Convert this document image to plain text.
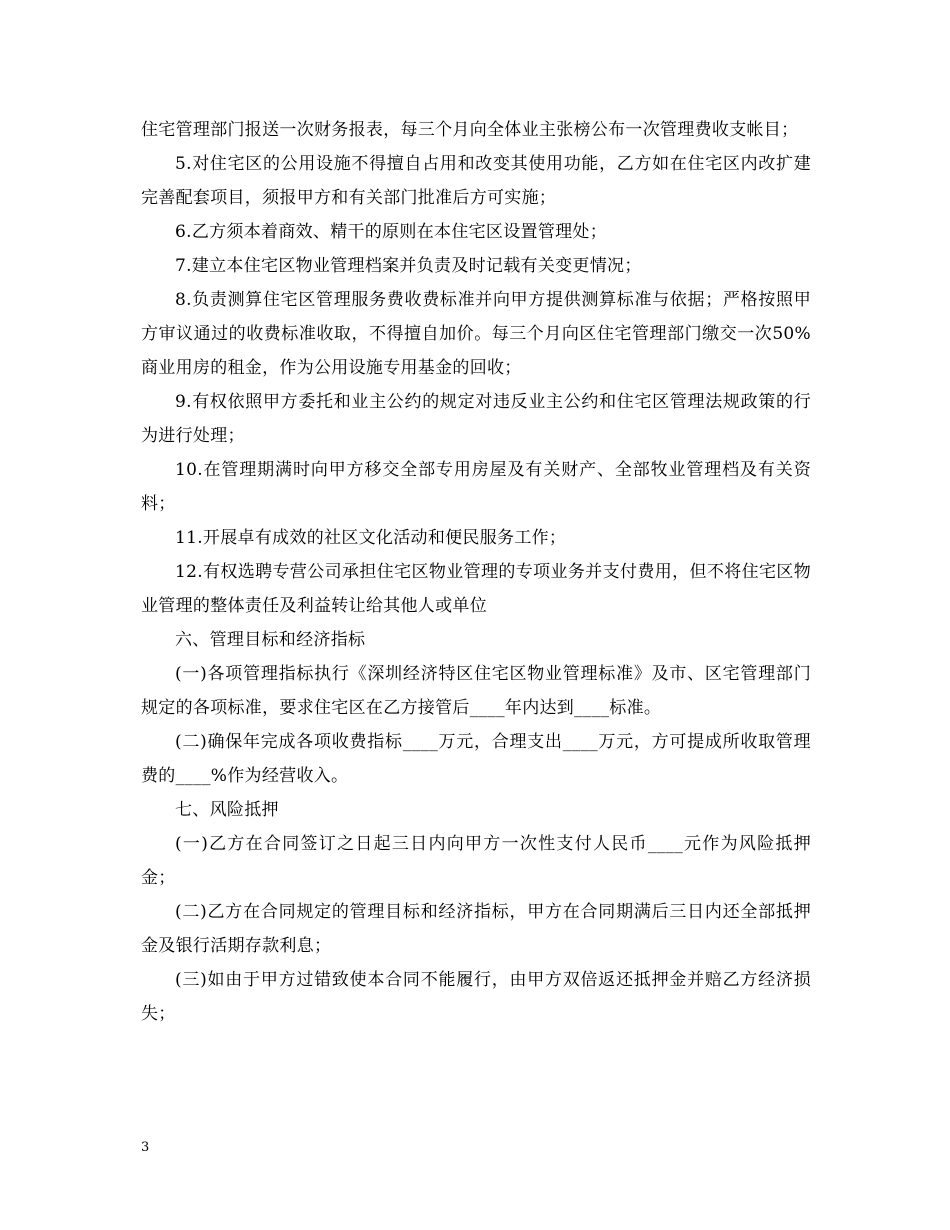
住宅管理部门报送一次财务报表，每三个月向全体业主张榜公布一次管理费收支帐目；

5.对住宅区的公用设施不得擅自占用和改变其使用功能，乙方如在住宅区内改扩建完善配套项目，须报甲方和有关部门批准后方可实施；

6.乙方须本着商效、精干的原则在本住宅区设置管理处；

7.建立本住宅区物业管理档案并负责及时记载有关变更情况；

8.负责测算住宅区管理服务费收费标准并向甲方提供测算标准与依据；严格按照甲方审议通过的收费标准收取，不得擅自加价。每三个月向区住宅管理部门缴交一次50%商业用房的租金，作为公用设施专用基金的回收；

9.有权依照甲方委托和业主公约的规定对违反业主公约和住宅区管理法规政策的行为进行处理；

10.在管理期满时向甲方移交全部专用房屋及有关财产、全部牧业管理档及有关资料；

11.开展卓有成效的社区文化活动和便民服务工作；

12.有权选聘专营公司承担住宅区物业管理的专项业务并支付费用，但不将住宅区物业管理的整体责任及利益转让给其他人或单位

六、管理目标和经济指标

(一)各项管理指标执行《深圳经济特区住宅区物业管理标准》及市、区宅管理部门规定的各项标准，要求住宅区在乙方接管后____年内达到____标准。

(二)确保年完成各项收费指标____万元，合理支出____万元，方可提成所收取管理费的____%作为经营收入。

七、风险抵押

(一)乙方在合同签订之日起三日内向甲方一次性支付人民币____元作为风险抵押金；

(二)乙方在合同规定的管理目标和经济指标，甲方在合同期满后三日内还全部抵押金及银行活期存款利息；

(三)如由于甲方过错致使本合同不能履行，由甲方双倍返还抵押金并赔乙方经济损失；

3
